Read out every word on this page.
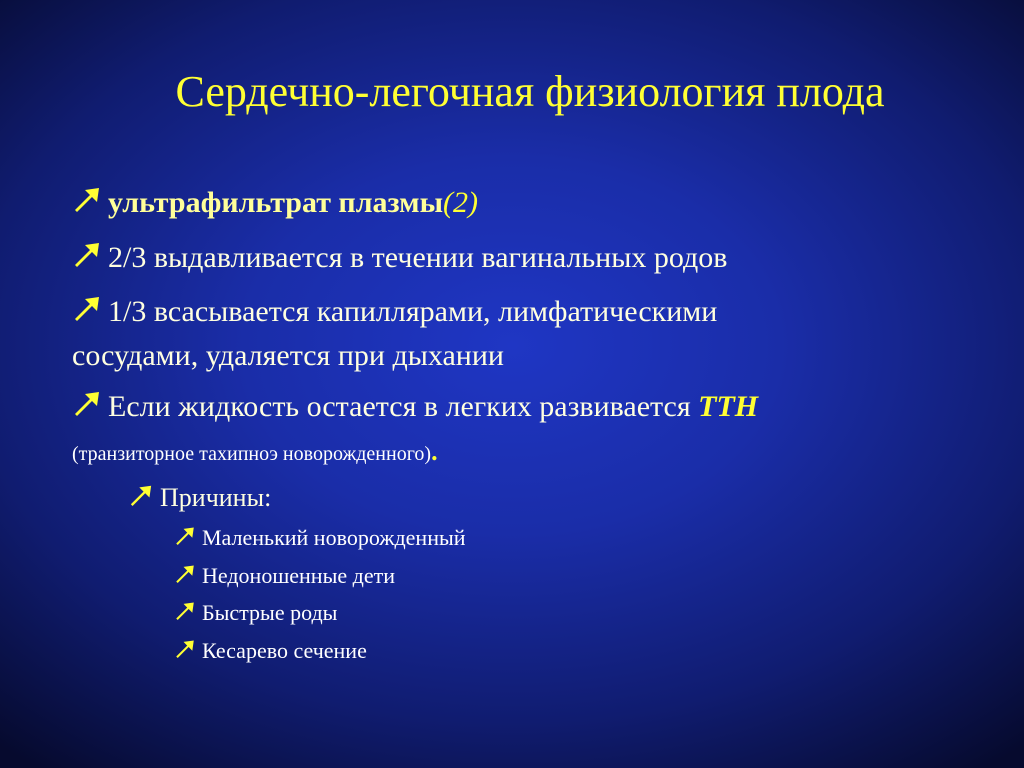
Сердечно-легочная физиология плода
ультрафильтрат плазмы(2)
2/3 выдавливается в течении вагинальных родов
1/3 всасывается капиллярами, лимфатическими
сосудами, удаляется при дыхании
Если жидкость остается в легких развивается TTH
(транзиторное тахипноэ новорожденного).
Причины:
Маленький новорожденный
Недоношенные дети
Быстрые роды
Кесарево сечение
